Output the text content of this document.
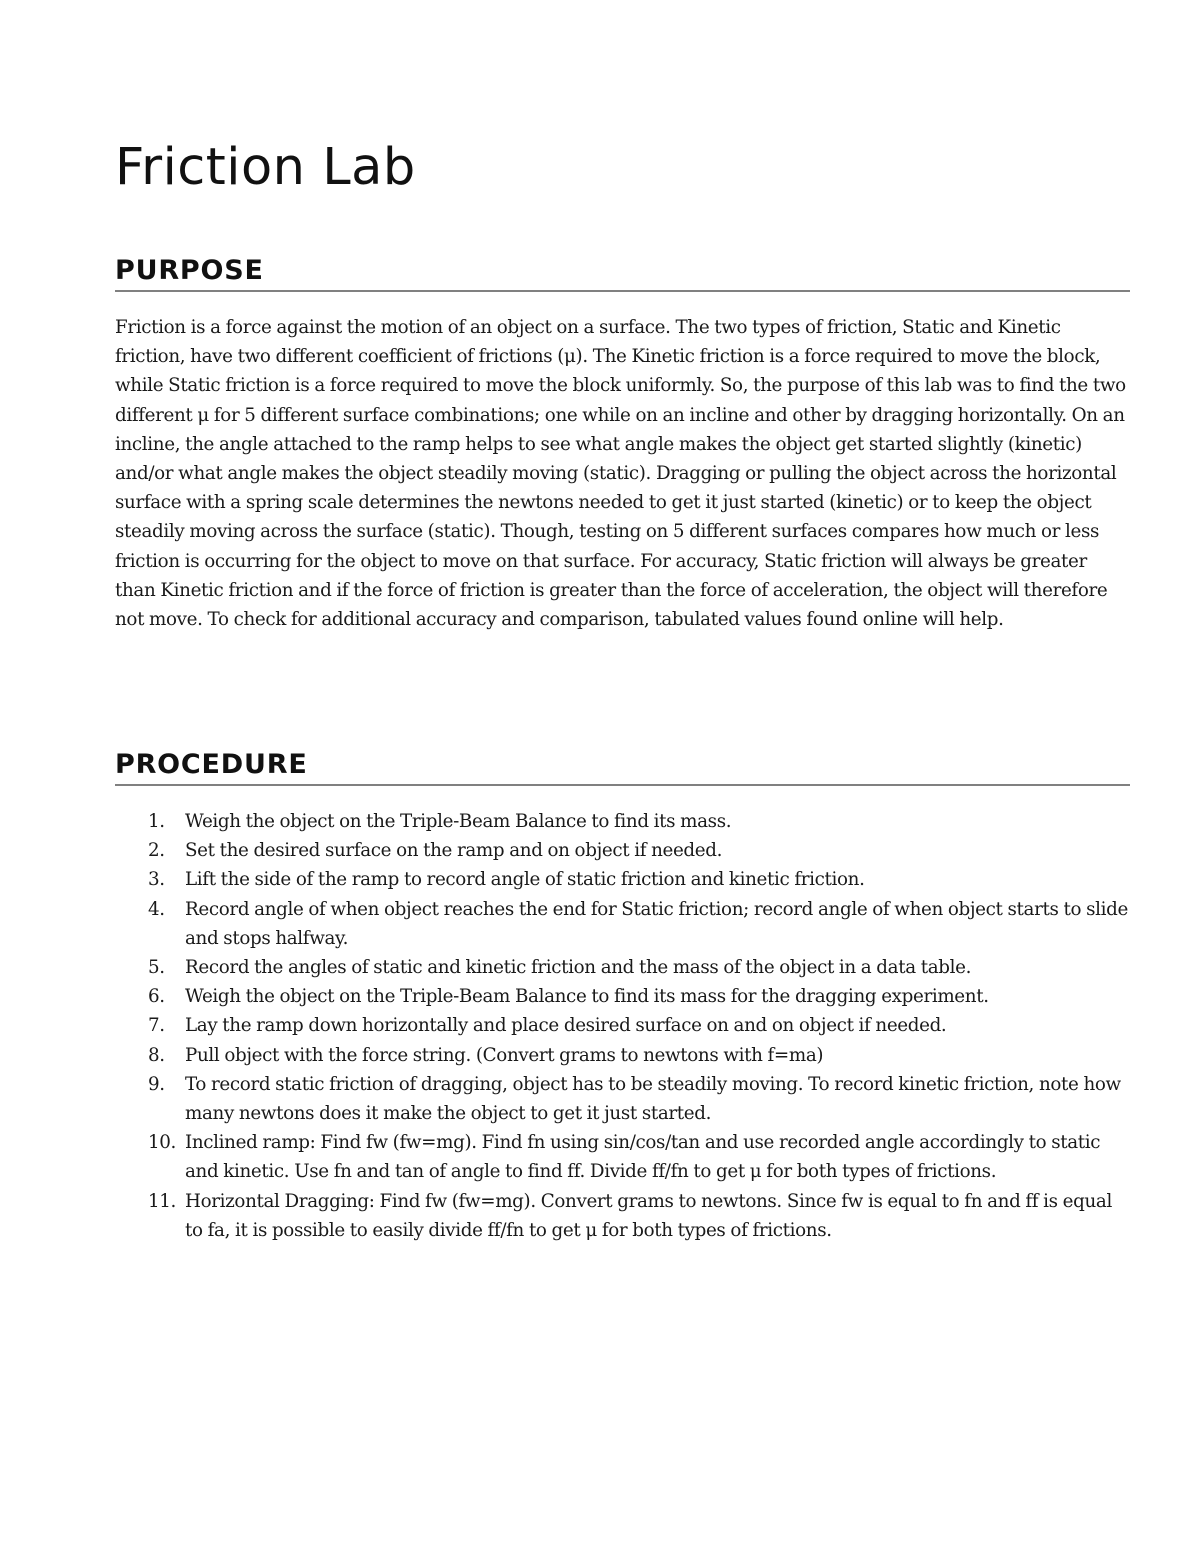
Friction Lab
PURPOSE

Friction is a force against the motion of an object on a surface. The two types of friction, Static and Kinetic friction, have two different coefficient of frictions (μ). The Kinetic friction is a force required to move the block, while Static friction is a force required to move the block uniformly. So, the purpose of this lab was to find the two different μ for 5 different surface combinations; one while on an incline and other by dragging horizontally. On an incline, the angle attached to the ramp helps to see what angle makes the object get started slightly (kinetic) and/or what angle makes the object steadily moving (static). Dragging or pulling the object across the horizontal surface with a spring scale determines the newtons needed to get it just started (kinetic) or to keep the object steadily moving across the surface (static). Though, testing on 5 different surfaces compares how much or less friction is occurring for the object to move on that surface. For accuracy, Static friction will always be greater than Kinetic friction and if the force of friction is greater than the force of acceleration, the object will therefore not move. To check for additional accuracy and comparison, tabulated values found online will help.

PROCEDURE
1. Weigh the object on the Triple-Beam Balance to find its mass.
2. Set the desired surface on the ramp and on object if needed.
3. Lift the side of the ramp to record angle of static friction and kinetic friction.
4. Record angle of when object reaches the end for Static friction; record angle of when object starts to slide and stops halfway.
5. Record the angles of static and kinetic friction and the mass of the object in a data table.
6. Weigh the object on the Triple-Beam Balance to find its mass for the dragging experiment.
7. Lay the ramp down horizontally and place desired surface on and on object if needed.
8. Pull object with the force string. (Convert grams to newtons with f=ma)
9. To record static friction of dragging, object has to be steadily moving. To record kinetic friction, note how many newtons does it make the object to get it just started.
10. Inclined ramp: Find fw (fw=mg). Find fn using sin/cos/tan and use recorded angle accordingly to static and kinetic. Use fn and tan of angle to find ff. Divide ff/fn to get μ for both types of frictions.
11. Horizontal Dragging: Find fw (fw=mg). Convert grams to newtons. Since fw is equal to fn and ff is equal to fa, it is possible to easily divide ff/fn to get μ for both types of frictions.
